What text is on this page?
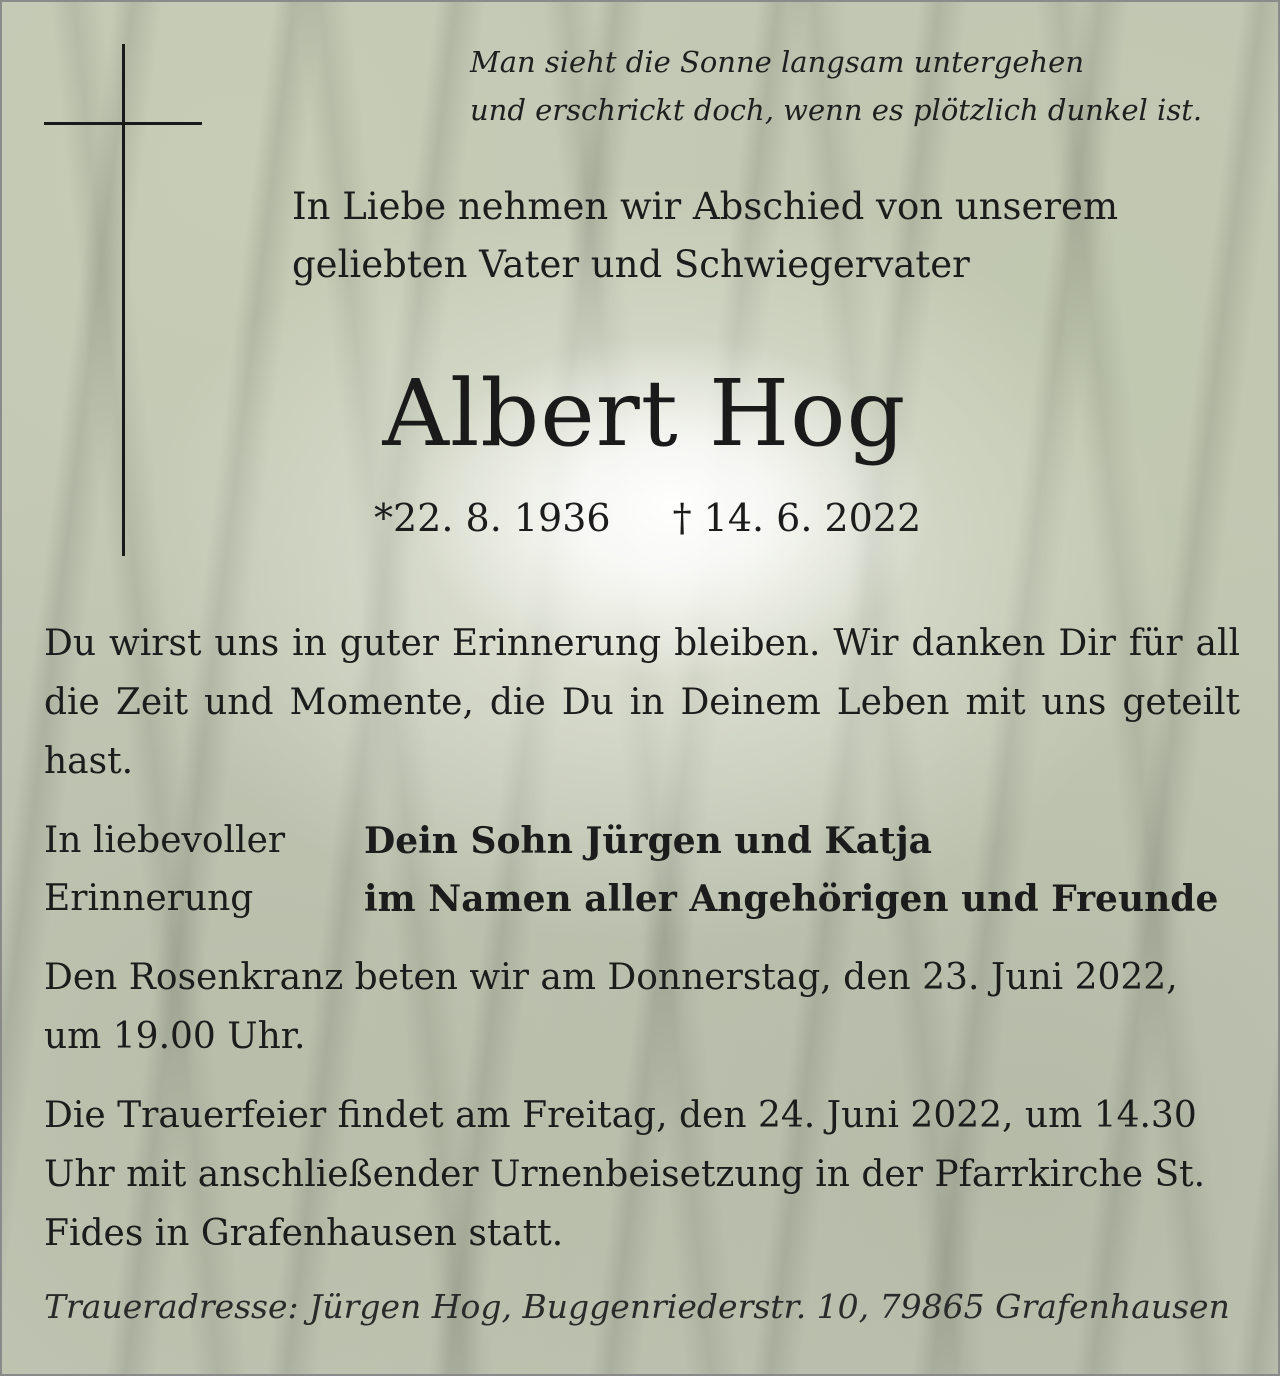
Man sieht die Sonne langsam untergehen
und erschrickt doch, wenn es plötzlich dunkel ist.
In Liebe nehmen wir Abschied von unserem
geliebten Vater und Schwiegervater
Albert Hog
*22. 8. 1936 † 14. 6. 2022
Du wirst uns in guter Erinnerung bleiben. Wir danken Dir für all die Zeit und Momente, die Du in Deinem Leben mit uns geteilt hast.
In liebevoller
Erinnerung
Dein Sohn Jürgen und Katja
im Namen aller Angehörigen und Freunde
Den Rosenkranz beten wir am Donnerstag, den 23. Juni 2022, um 19.00 Uhr.
Die Trauerfeier findet am Freitag, den 24. Juni 2022, um 14.30 Uhr mit anschließender Urnenbeisetzung in der Pfarrkirche St. Fides in Grafenhausen statt.
Traueradresse: Jürgen Hog, Buggenriederstr. 10, 79865 Grafenhausen
